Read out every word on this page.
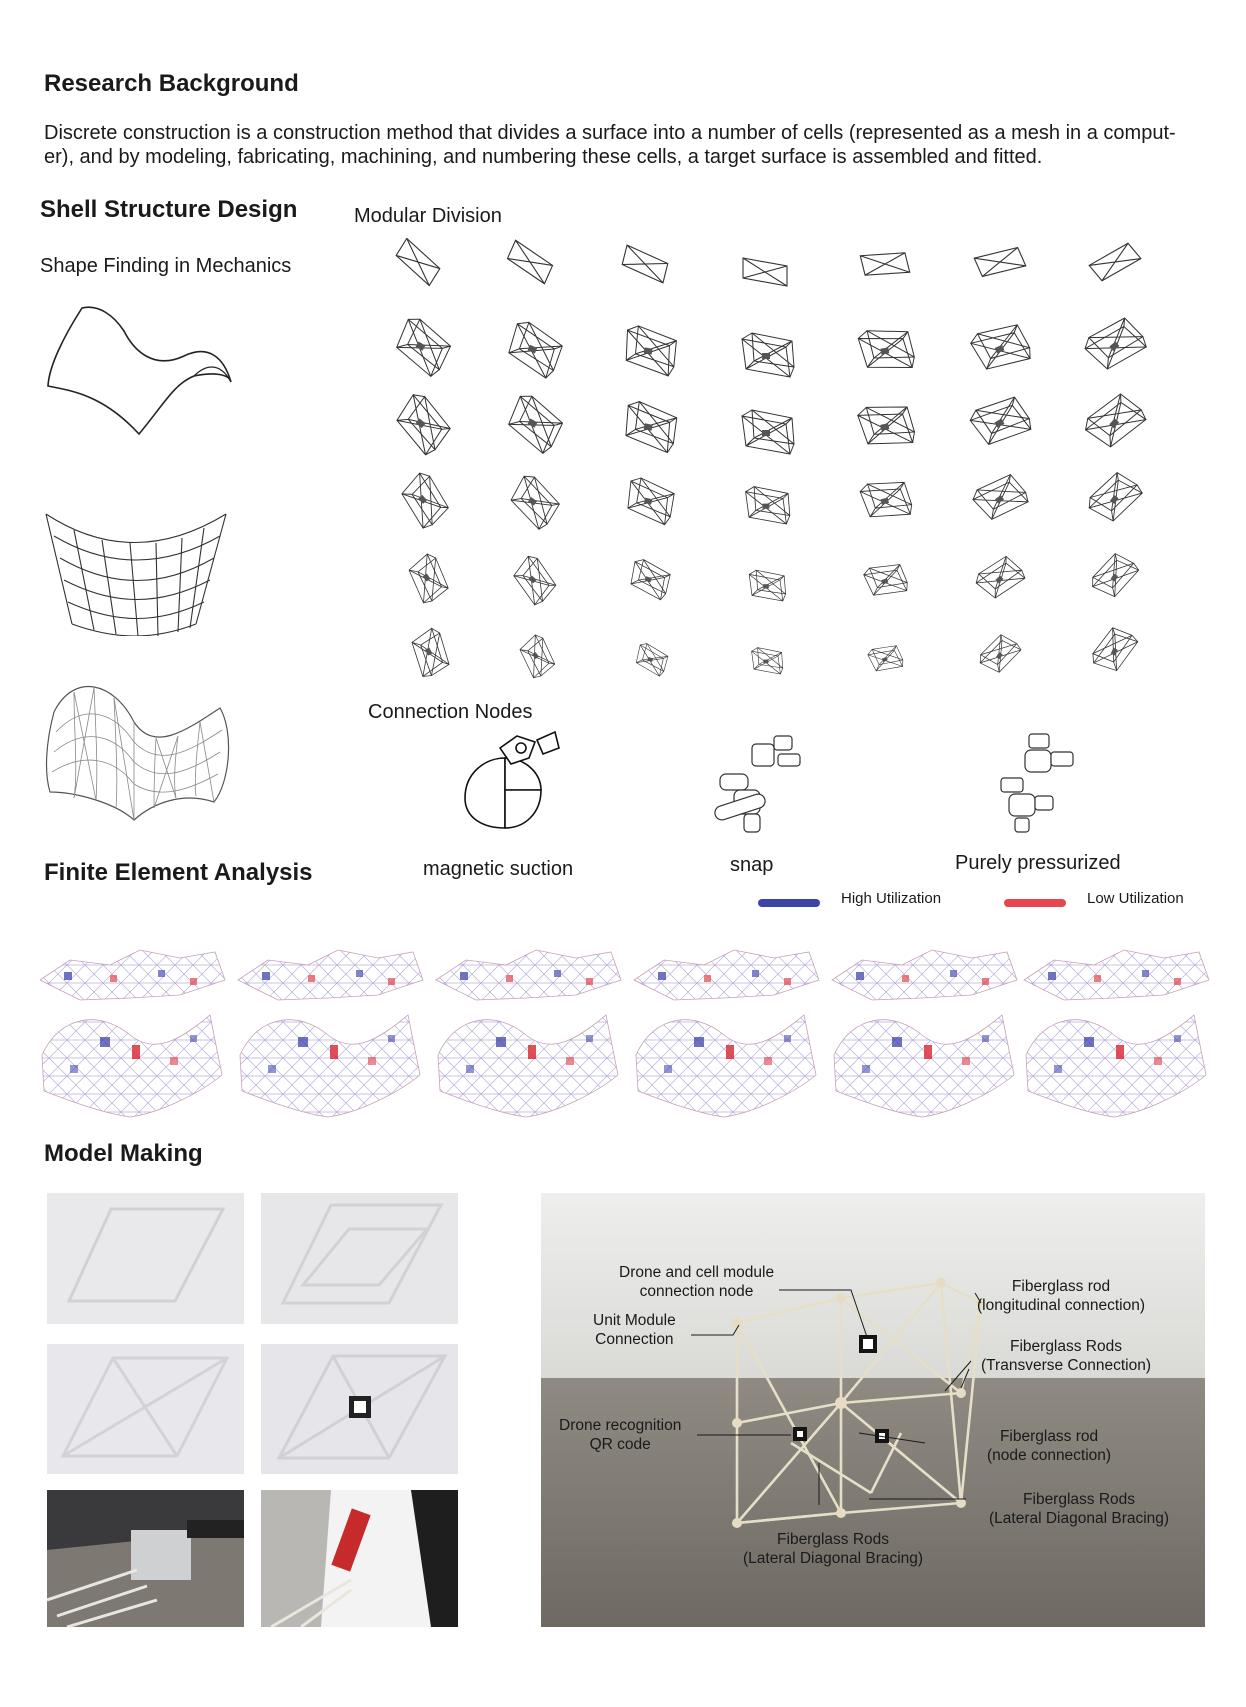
Research Background
Discrete construction is a construction method that divides a surface into a number of cells (represented as a mesh in a comput-
er), and by modeling, fabricating, machining, and numbering these cells, a target surface is assembled and fitted.
Shell Structure Design
Shape Finding in Mechanics
Modular Division
Connection Nodes
Finite Element Analysis	magnetic suction	snap	Purely pressurized
High Utilization	Low Utilization
Model Making
Drone and cell module
connection node
Unit Module
Connection
Drone recognition
QR code
Fiberglass rod
(longitudinal connection)
Fiberglass Rods
(Transverse Connection)
Fiberglass rod
(node connection)
Fiberglass Rods
(Lateral Diagonal Bracing)
Fiberglass Rods
(Lateral Diagonal Bracing)
